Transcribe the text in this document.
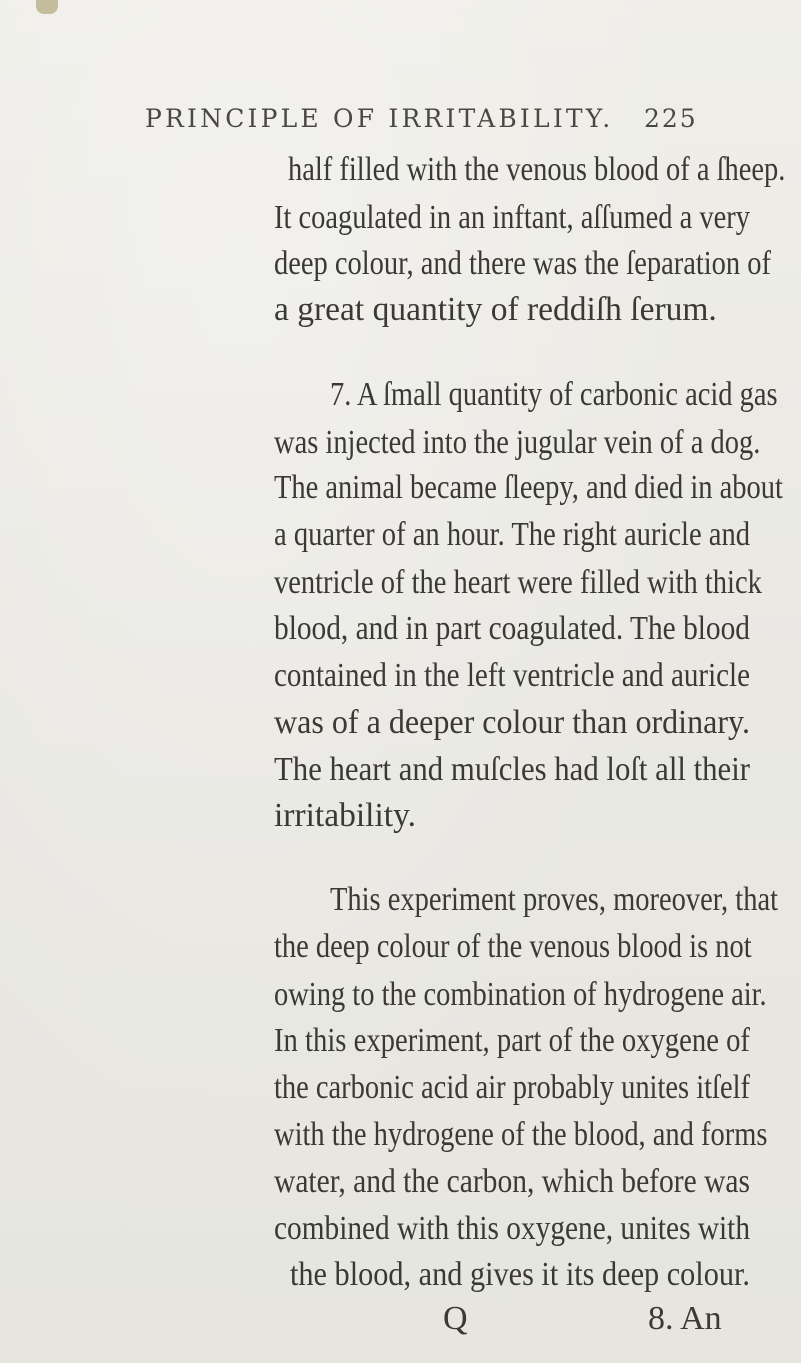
PRINCIPLE OF IRRITABILITY. 225
half filled with the venous blood of a ſheep.
It coagulated in an inftant, aſſumed a very
deep colour, and there was the ſeparation of
a great quantity of reddiſh ſerum.
7. A ſmall quantity of carbonic acid gas
was injected into the jugular vein of a dog.
The animal became ſleepy, and died in about
a quarter of an hour. The right auricle and
ventricle of the heart were filled with thick
blood, and in part coagulated. The blood
contained in the left ventricle and auricle
was of a deeper colour than ordinary.
The heart and muſcles had loſt all their
irritability.
This experiment proves, moreover, that
the deep colour of the venous blood is not
owing to the combination of hydrogene air.
In this experiment, part of the oxygene of
the carbonic acid air probably unites itſelf
with the hydrogene of the blood, and forms
water, and the carbon, which before was
combined with this oxygene, unites with
the blood, and gives it its deep colour.
Q	8. An
